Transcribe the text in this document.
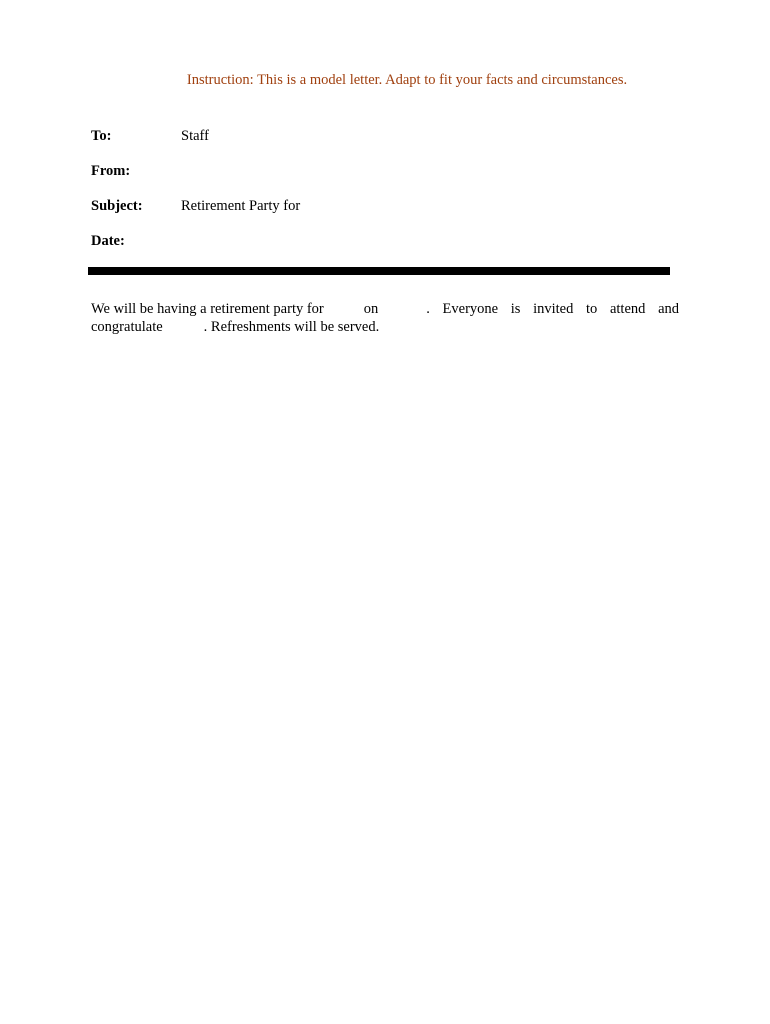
Instruction: This is a model letter. Adapt to fit your facts and circumstances.
To:	Staff
From:
Subject:	Retirement Party for
Date:
We will be having a retirement party for	on	. Everyone is invited to attend and
congratulate	. Refreshments will be served.
